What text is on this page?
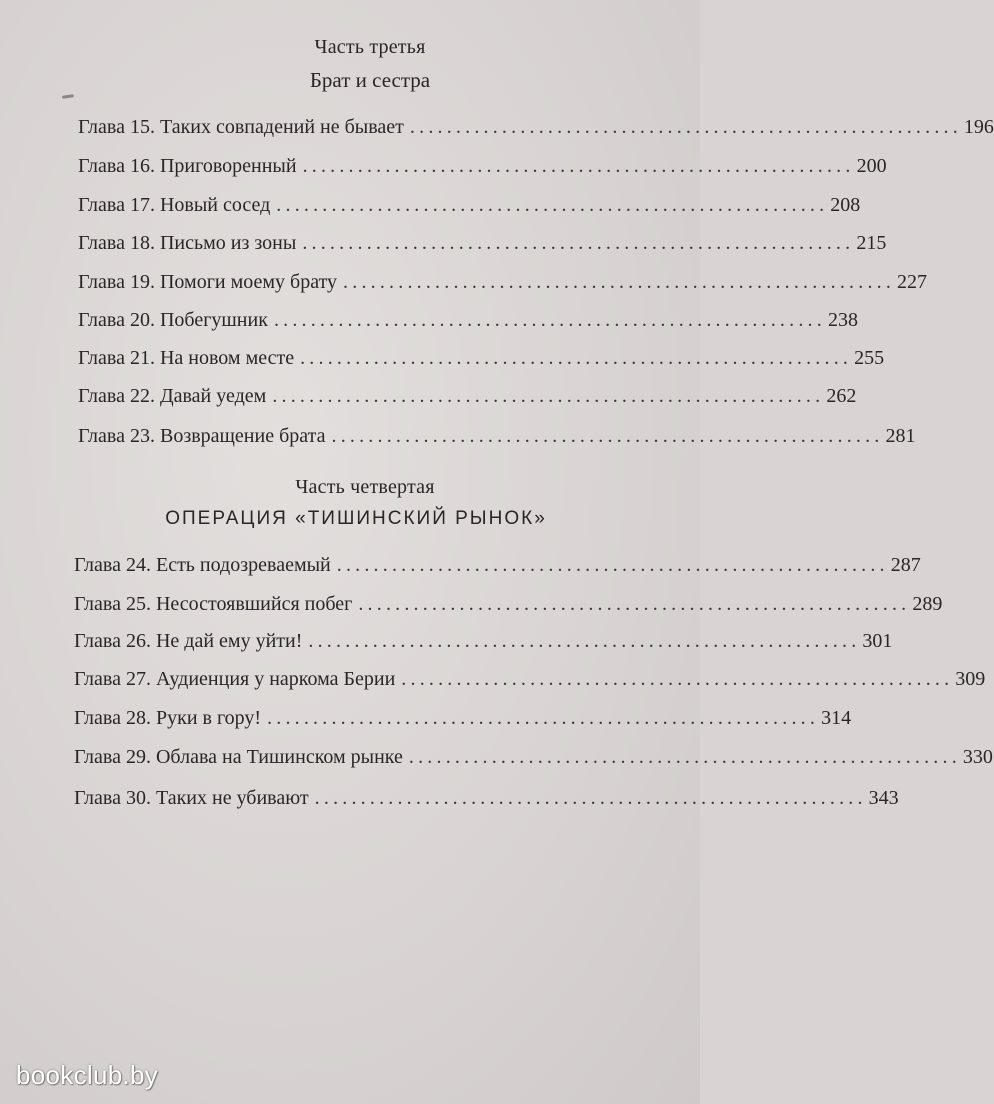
Часть третья
Брат и сестра
Глава 15. Таких совпадений не бывает ............................................................ 196
Глава 16. Приговоренный ............................................................ 200
Глава 17. Новый сосед ............................................................ 208
Глава 18. Письмо из зоны ............................................................ 215
Глава 19. Помоги моему брату ............................................................ 227
Глава 20. Побегушник ............................................................ 238
Глава 21. На новом месте ............................................................ 255
Глава 22. Давай уедем ............................................................ 262
Глава 23. Возвращение брата ............................................................ 281
Часть четвертая
ОПЕРАЦИЯ «ТИШИНСКИЙ РЫНОК»
Глава 24. Есть подозреваемый ............................................................ 287
Глава 25. Несостоявшийся побег ............................................................ 289
Глава 26. Не дай ему уйти! ............................................................ 301
Глава 27. Аудиенция у наркома Берии ............................................................ 309
Глава 28. Руки в гору! ............................................................ 314
Глава 29. Облава на Тишинском рынке ............................................................ 330
Глава 30. Таких не убивают ............................................................ 343
bookclub.by
